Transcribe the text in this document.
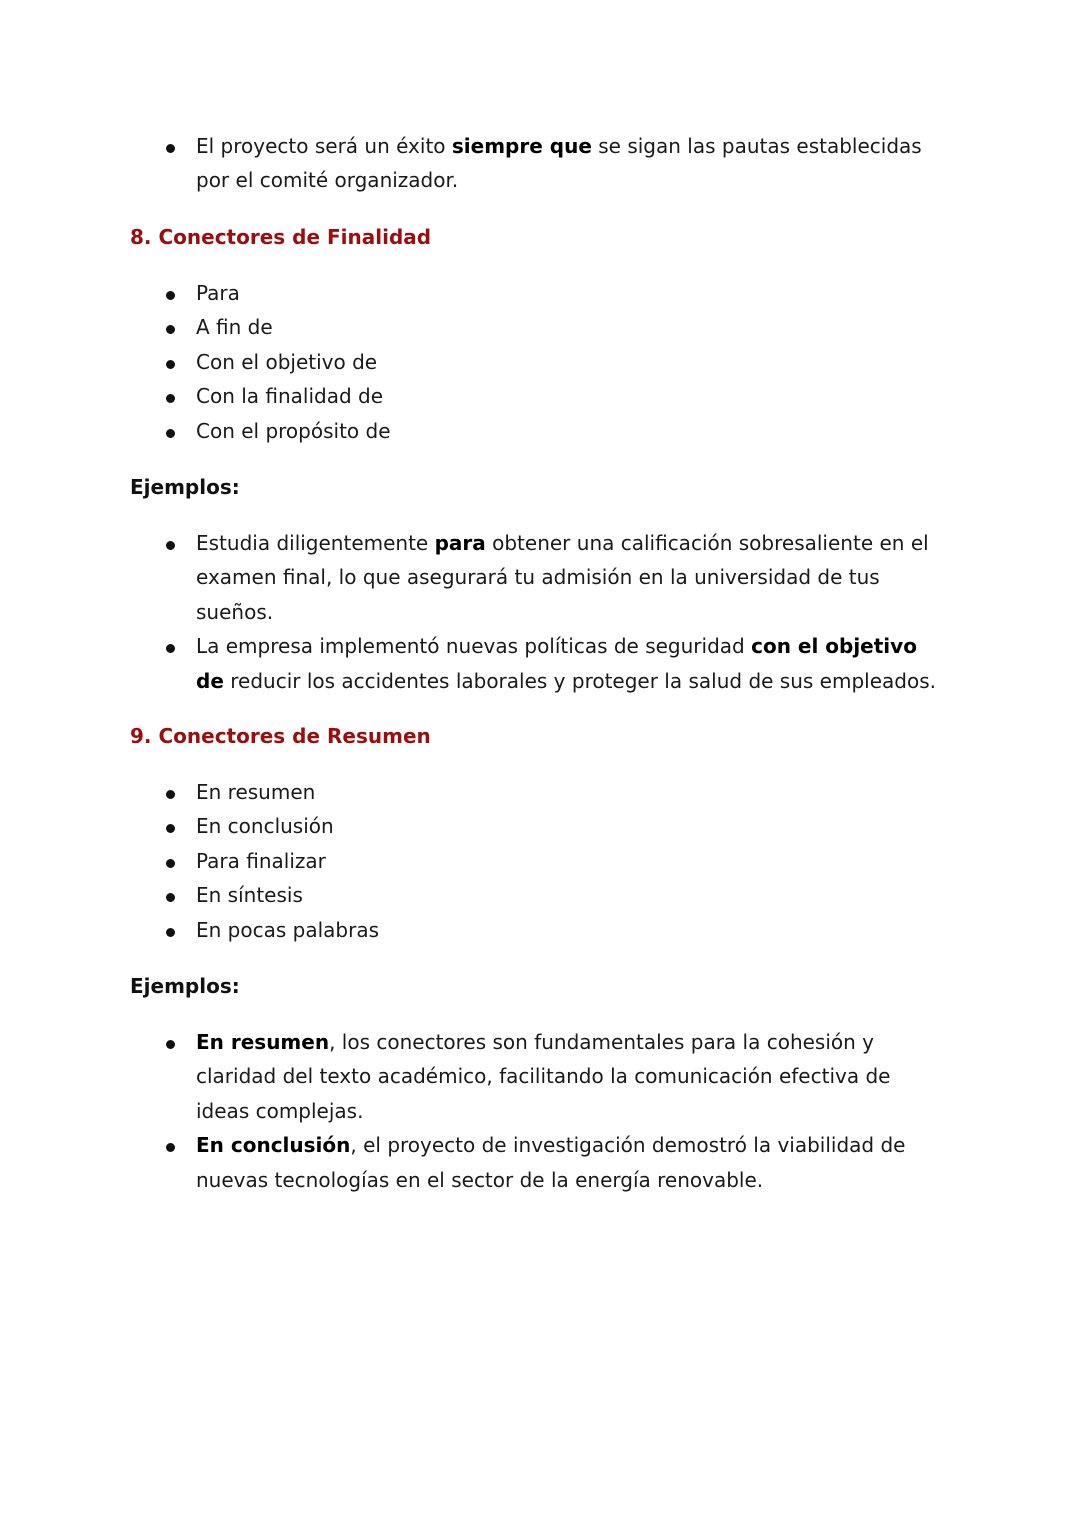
El proyecto será un éxito siempre que se sigan las pautas establecidas por el comité organizador.
8. Conectores de Finalidad
Para
A fin de
Con el objetivo de
Con la finalidad de
Con el propósito de
Ejemplos:
Estudia diligentemente para obtener una calificación sobresaliente en el examen final, lo que asegurará tu admisión en la universidad de tus sueños.
La empresa implementó nuevas políticas de seguridad con el objetivo de reducir los accidentes laborales y proteger la salud de sus empleados.
9. Conectores de Resumen
En resumen
En conclusión
Para finalizar
En síntesis
En pocas palabras
Ejemplos:
En resumen, los conectores son fundamentales para la cohesión y claridad del texto académico, facilitando la comunicación efectiva de ideas complejas.
En conclusión, el proyecto de investigación demostró la viabilidad de nuevas tecnologías en el sector de la energía renovable.
